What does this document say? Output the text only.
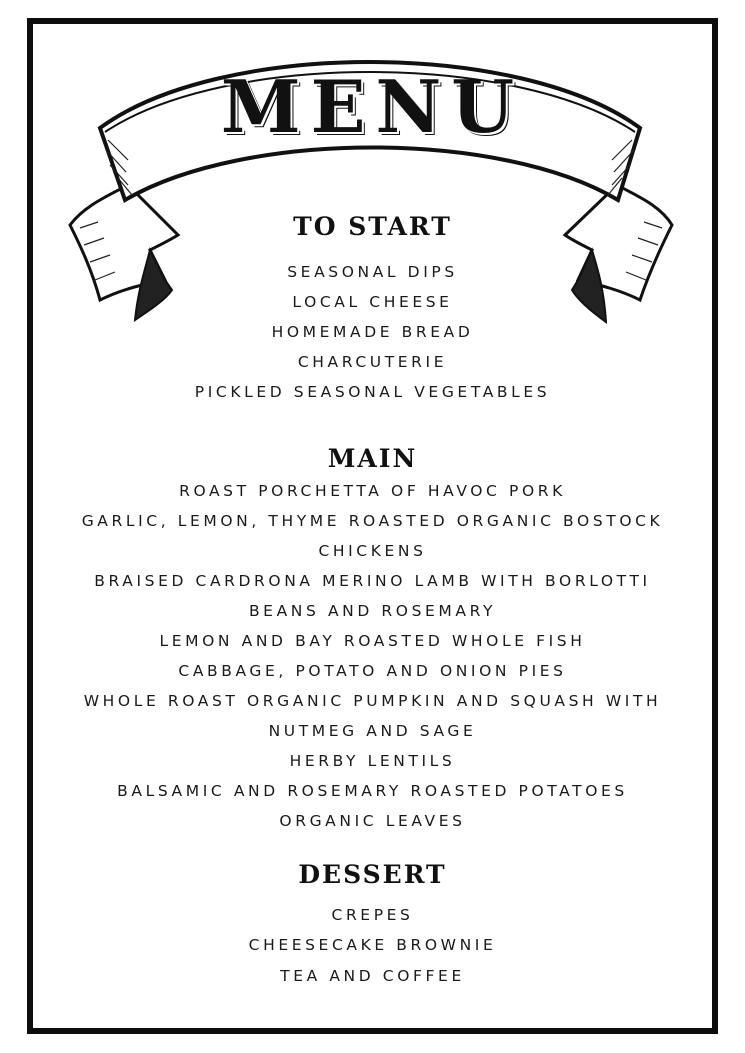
MENU
TO START
SEASONAL DIPS
LOCAL CHEESE
HOMEMADE BREAD
CHARCUTERIE
PICKLED SEASONAL VEGETABLES
MAIN
ROAST PORCHETTA OF HAVOC PORK
GARLIC, LEMON, THYME ROASTED ORGANIC BOSTOCK
CHICKENS
BRAISED CARDRONA MERINO LAMB WITH BORLOTTI
BEANS AND ROSEMARY
LEMON AND BAY ROASTED WHOLE FISH
CABBAGE, POTATO AND ONION PIES
WHOLE ROAST ORGANIC PUMPKIN AND SQUASH WITH
NUTMEG AND SAGE
HERBY LENTILS
BALSAMIC AND ROSEMARY ROASTED POTATOES
ORGANIC LEAVES
DESSERT
CREPES
CHEESECAKE BROWNIE
TEA AND COFFEE
